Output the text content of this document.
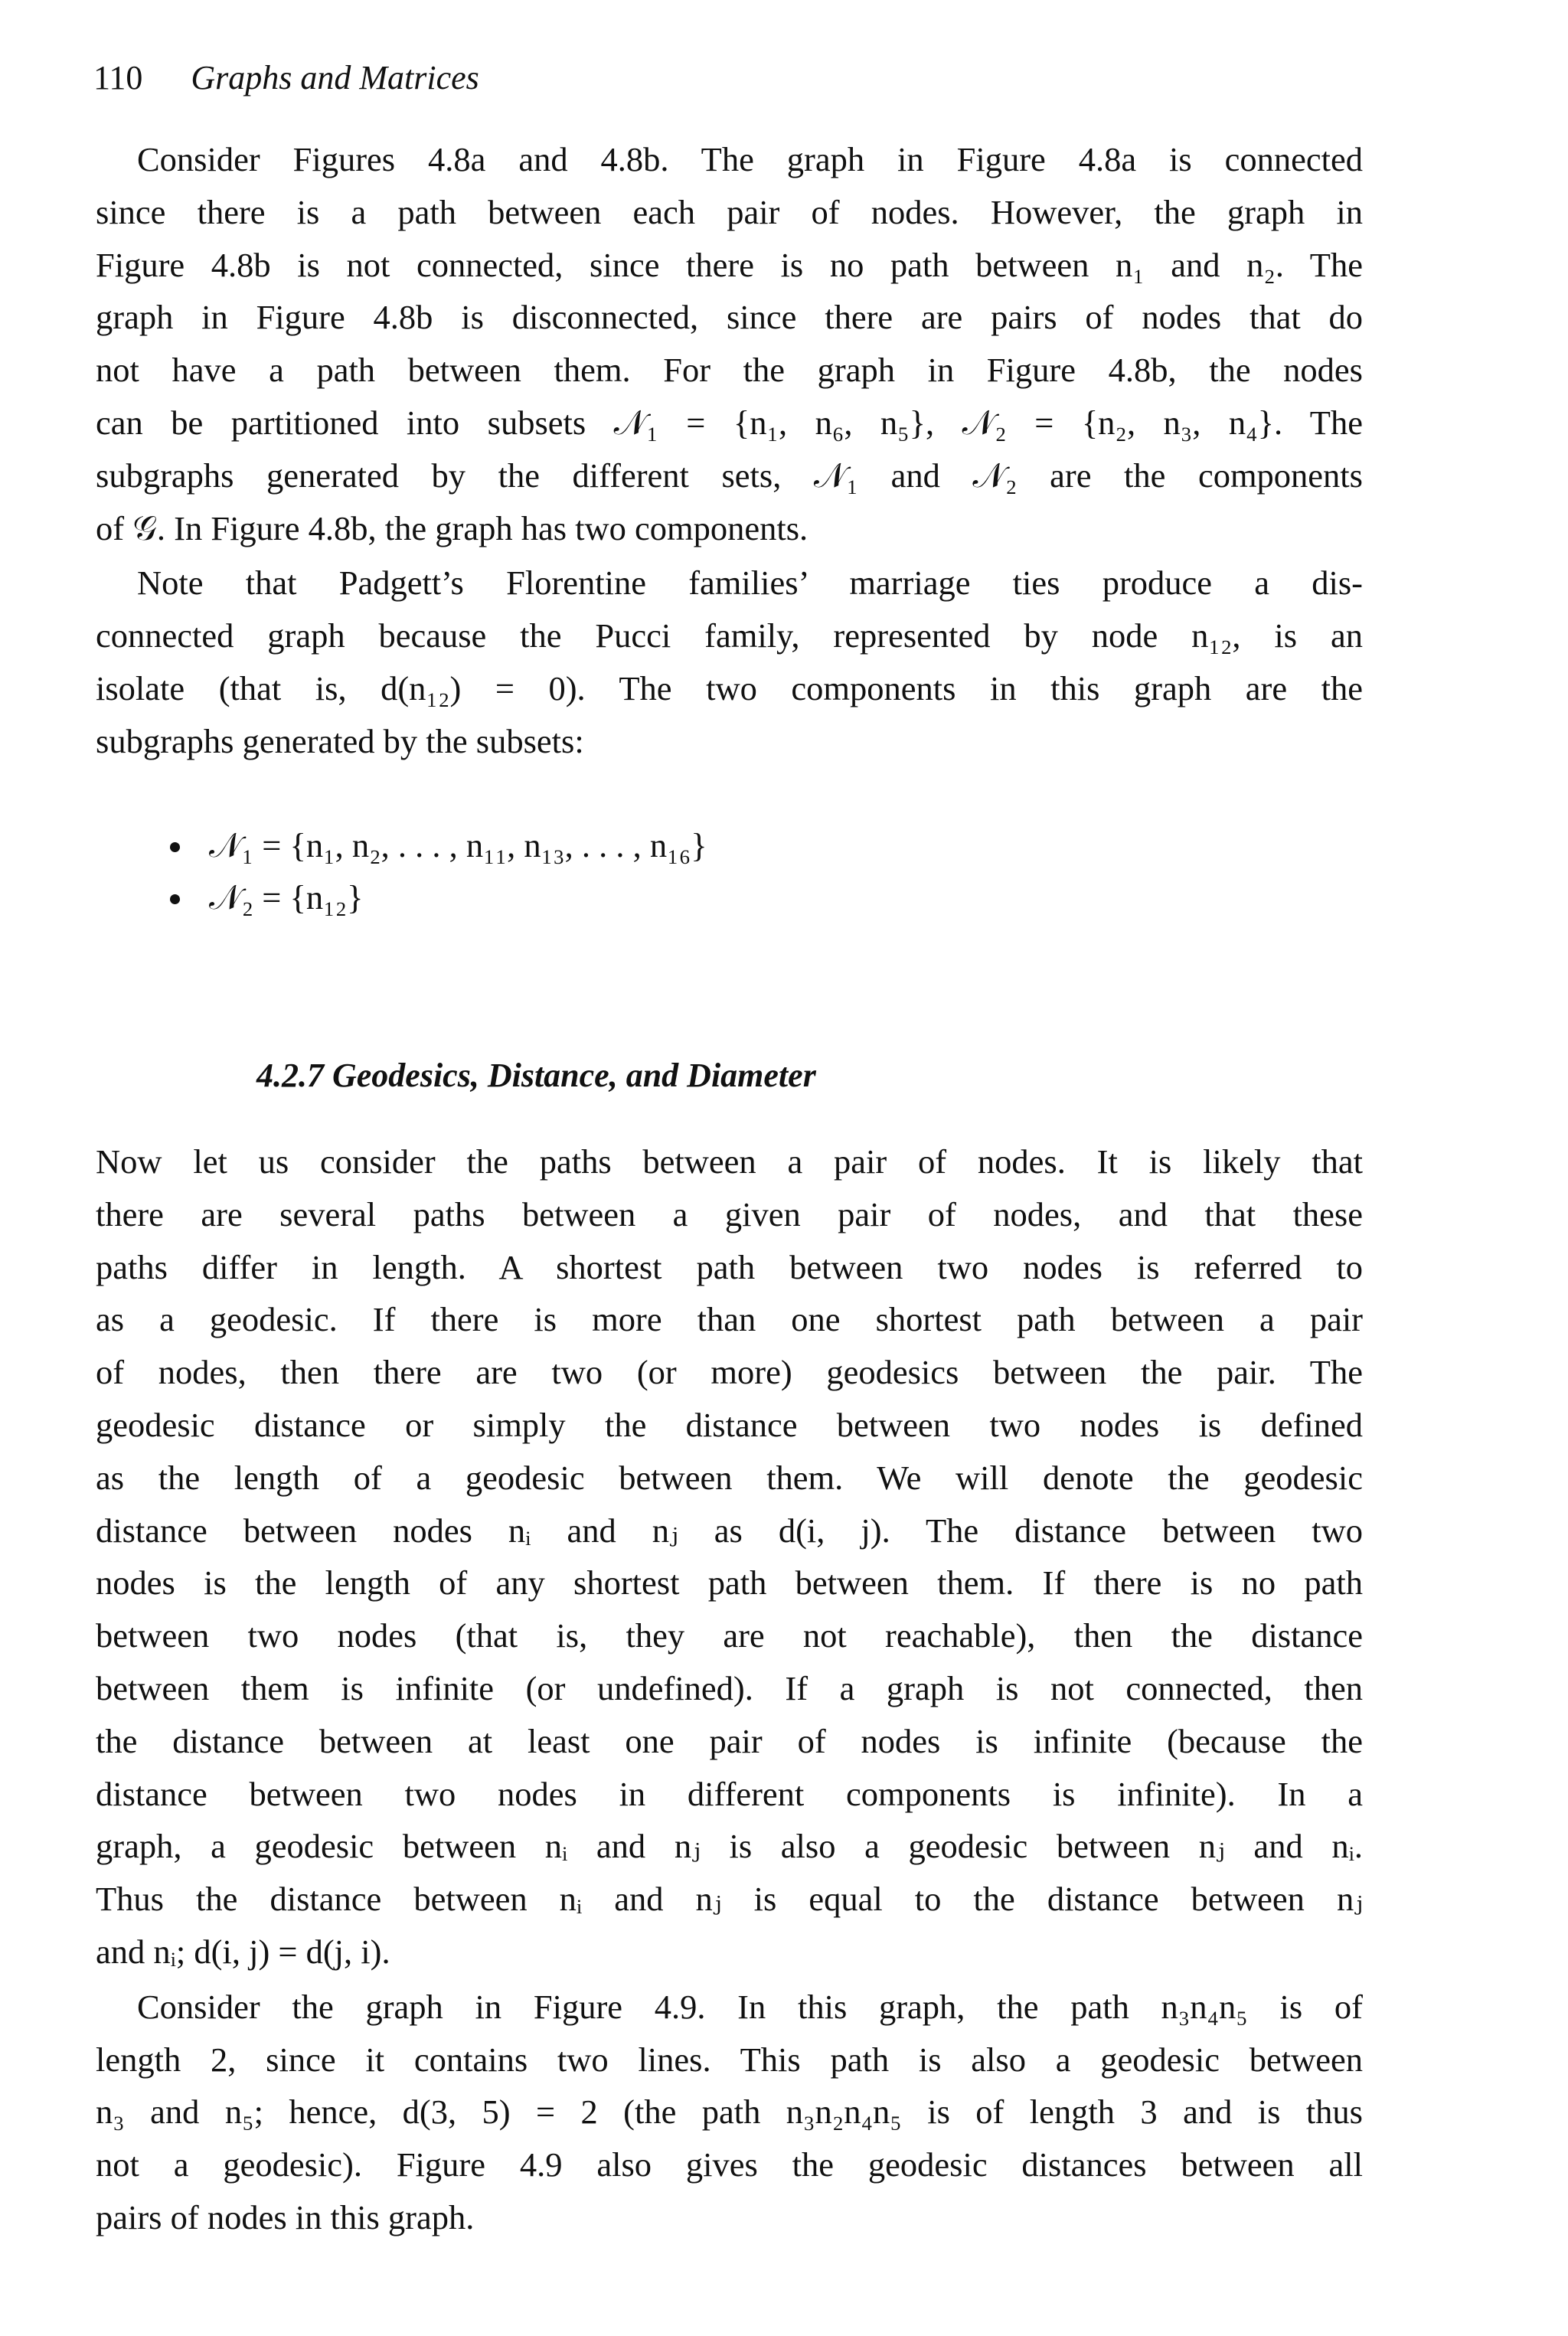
110 Graphs and Matrices

Consider Figures 4.8a and 4.8b. The graph in Figure 4.8a is connected

since there is a path between each pair of nodes. However, the graph in

Figure 4.8b is not connected, since there is no path between n₁ and n₂. The

graph in Figure 4.8b is disconnected, since there are pairs of nodes that do

not have a path between them. For the graph in Figure 4.8b, the nodes

can be partitioned into subsets 𝒩₁ = {n₁, n₆, n₅}, 𝒩₂ = {n₂, n₃, n₄}. The

subgraphs generated by the different sets, 𝒩₁ and 𝒩₂ are the components

of 𝒢. In Figure 4.8b, the graph has two components.

Note that Padgett’s Florentine families’ marriage ties produce a dis-

connected graph because the Pucci family, represented by node n₁₂, is an

isolate (that is, d(n₁₂) = 0). The two components in this graph are the

subgraphs generated by the subsets:

𝒩₁ = {n₁, n₂, . . . , n₁₁, n₁₃, . . . , n₁₆}
𝒩₂ = {n₁₂}
4.2.7 Geodesics, Distance, and Diameter

Now let us consider the paths between a pair of nodes. It is likely that

there are several paths between a given pair of nodes, and that these

paths differ in length. A shortest path between two nodes is referred to

as a geodesic. If there is more than one shortest path between a pair

of nodes, then there are two (or more) geodesics between the pair. The

geodesic distance or simply the distance between two nodes is defined

as the length of a geodesic between them. We will denote the geodesic

distance between nodes nᵢ and nⱼ as d(i, j). The distance between two

nodes is the length of any shortest path between them. If there is no path

between two nodes (that is, they are not reachable), then the distance

between them is infinite (or undefined). If a graph is not connected, then

the distance between at least one pair of nodes is infinite (because the

distance between two nodes in different components is infinite). In a

graph, a geodesic between nᵢ and nⱼ is also a geodesic between nⱼ and nᵢ.

Thus the distance between nᵢ and nⱼ is equal to the distance between nⱼ

and nᵢ; d(i, j) = d(j, i).

Consider the graph in Figure 4.9. In this graph, the path n₃n₄n₅ is of

length 2, since it contains two lines. This path is also a geodesic between

n₃ and n₅; hence, d(3, 5) = 2 (the path n₃n₂n₄n₅ is of length 3 and is thus

not a geodesic). Figure 4.9 also gives the geodesic distances between all

pairs of nodes in this graph.
